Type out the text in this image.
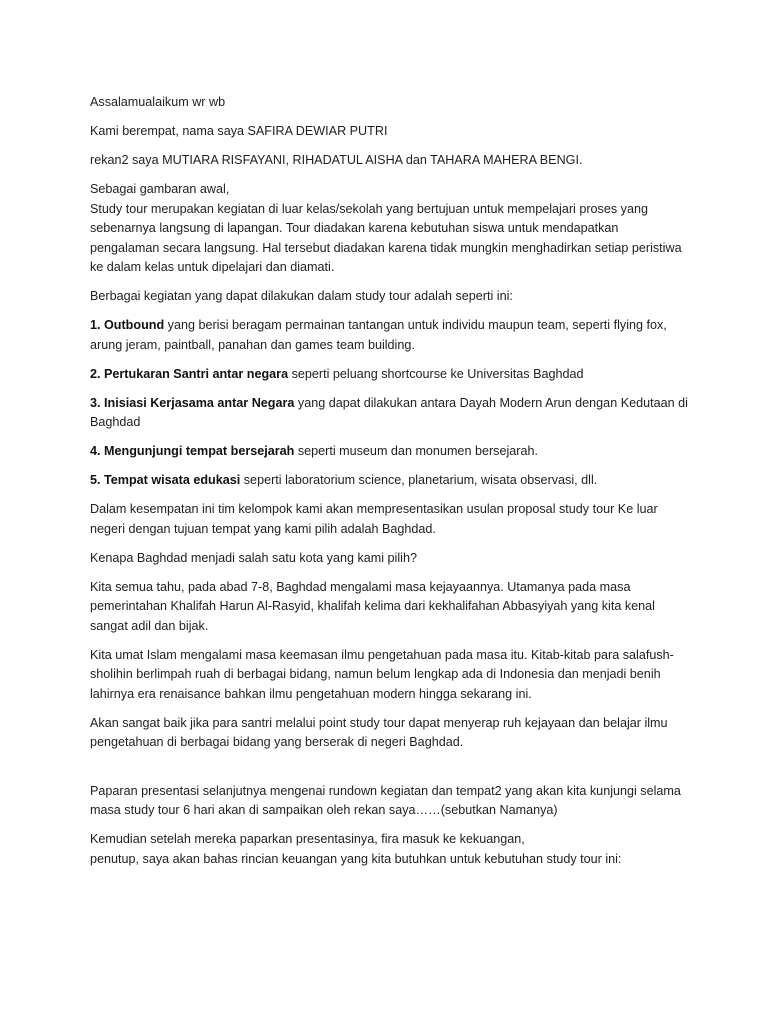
Assalamualaikum wr wb

Kami berempat, nama saya SAFIRA DEWIAR PUTRI

rekan2 saya MUTIARA RISFAYANI, RIHADATUL AISHA dan TAHARA MAHERA BENGI.

Sebagai gambaran awal,
Study tour merupakan kegiatan di luar kelas/sekolah yang bertujuan untuk mempelajari proses yang sebenarnya langsung di lapangan. Tour diadakan karena kebutuhan siswa untuk mendapatkan pengalaman secara langsung. Hal tersebut diadakan karena tidak mungkin menghadirkan setiap peristiwa ke dalam kelas untuk dipelajari dan diamati.

Berbagai kegiatan yang dapat dilakukan dalam study tour adalah seperti ini:

1. Outbound yang berisi beragam permainan tantangan untuk individu maupun team, seperti flying fox, arung jeram, paintball, panahan dan games team building.

2. Pertukaran Santri antar negara seperti peluang shortcourse ke Universitas Baghdad

3. Inisiasi Kerjasama antar Negara yang dapat dilakukan antara Dayah Modern Arun dengan Kedutaan di Baghdad

4. Mengunjungi tempat bersejarah seperti museum dan monumen bersejarah.

5. Tempat wisata edukasi seperti laboratorium science, planetarium, wisata observasi, dll.

Dalam kesempatan ini tim kelompok kami akan mempresentasikan usulan proposal study tour Ke luar negeri dengan tujuan tempat yang kami pilih adalah Baghdad.

Kenapa Baghdad menjadi salah satu kota yang kami pilih?

Kita semua tahu, pada abad 7-8, Baghdad mengalami masa kejayaannya. Utamanya pada masa pemerintahan Khalifah Harun Al-Rasyid, khalifah kelima dari kekhalifahan Abbasyiyah yang kita kenal sangat adil dan bijak.

Kita umat Islam mengalami masa keemasan ilmu pengetahuan pada masa itu. Kitab-kitab para salafush-sholihin berlimpah ruah di berbagai bidang, namun belum lengkap ada di Indonesia dan menjadi benih lahirnya era renaisance bahkan ilmu pengetahuan modern hingga sekarang ini.

Akan sangat baik jika para santri melalui point study tour dapat menyerap ruh kejayaan dan belajar ilmu pengetahuan di berbagai bidang yang berserak di negeri Baghdad.

Paparan presentasi selanjutnya mengenai rundown kegiatan dan tempat2 yang akan kita kunjungi selama masa study tour 6 hari akan di sampaikan oleh rekan saya……(sebutkan Namanya)

Kemudian setelah mereka paparkan presentasinya, fira masuk ke kekuangan,
penutup, saya akan bahas rincian keuangan yang kita butuhkan untuk kebutuhan study tour ini:
